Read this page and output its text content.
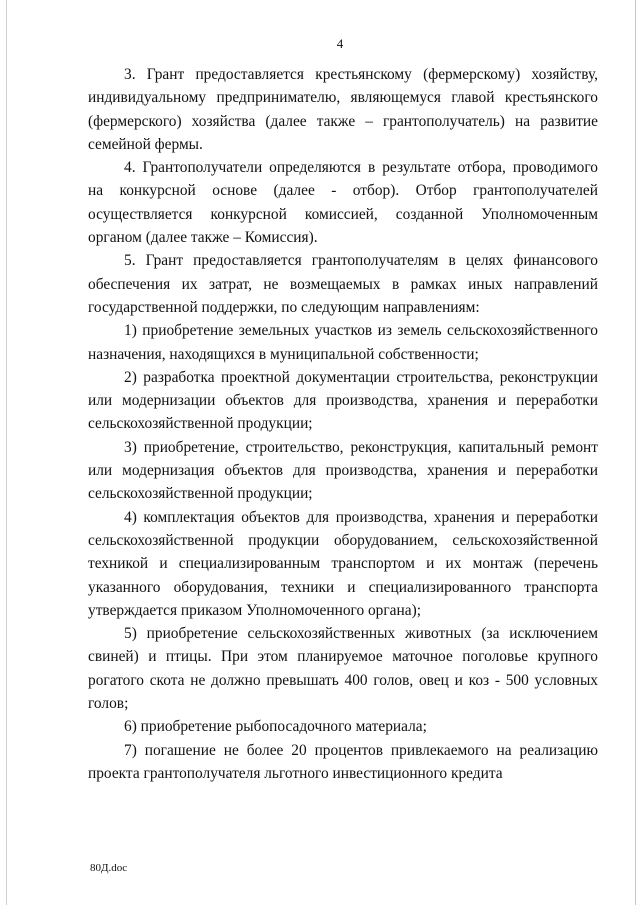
4

3. Грант предоставляется крестьянскому (фермерскому) хозяйству, индивидуальному предпринимателю, являющемуся главой крестьянского (фермерского) хозяйства (далее также – грантополучатель) на развитие семейной фермы.

4. Грантополучатели определяются в результате отбора, проводимого на конкурсной основе (далее - отбор). Отбор грантополучателей осуществляется конкурсной комиссией, созданной Уполномоченным органом (далее также – Комиссия).

5. Грант предоставляется грантополучателям в целях финансового обеспечения их затрат, не возмещаемых в рамках иных направлений государственной поддержки, по следующим направлениям:

1) приобретение земельных участков из земель сельскохозяйственного назначения, находящихся в муниципальной собственности;

2) разработка проектной документации строительства, реконструкции или модернизации объектов для производства, хранения и переработки сельскохозяйственной продукции;

3) приобретение, строительство, реконструкция, капитальный ремонт или модернизация объектов для производства, хранения и переработки сельскохозяйственной продукции;

4) комплектация объектов для производства, хранения и переработки сельскохозяйственной продукции оборудованием, сельскохозяйственной техникой и специализированным транспортом и их монтаж (перечень указанного оборудования, техники и специализированного транспорта утверждается приказом Уполномоченного органа);

5) приобретение сельскохозяйственных животных (за исключением свиней) и птицы. При этом планируемое маточное поголовье крупного рогатого скота не должно превышать 400 голов, овец и коз - 500 условных голов;

6) приобретение рыбопосадочного материала;

7) погашение не более 20 процентов привлекаемого на реализацию проекта грантополучателя льготного инвестиционного кредита

80Д.doc
